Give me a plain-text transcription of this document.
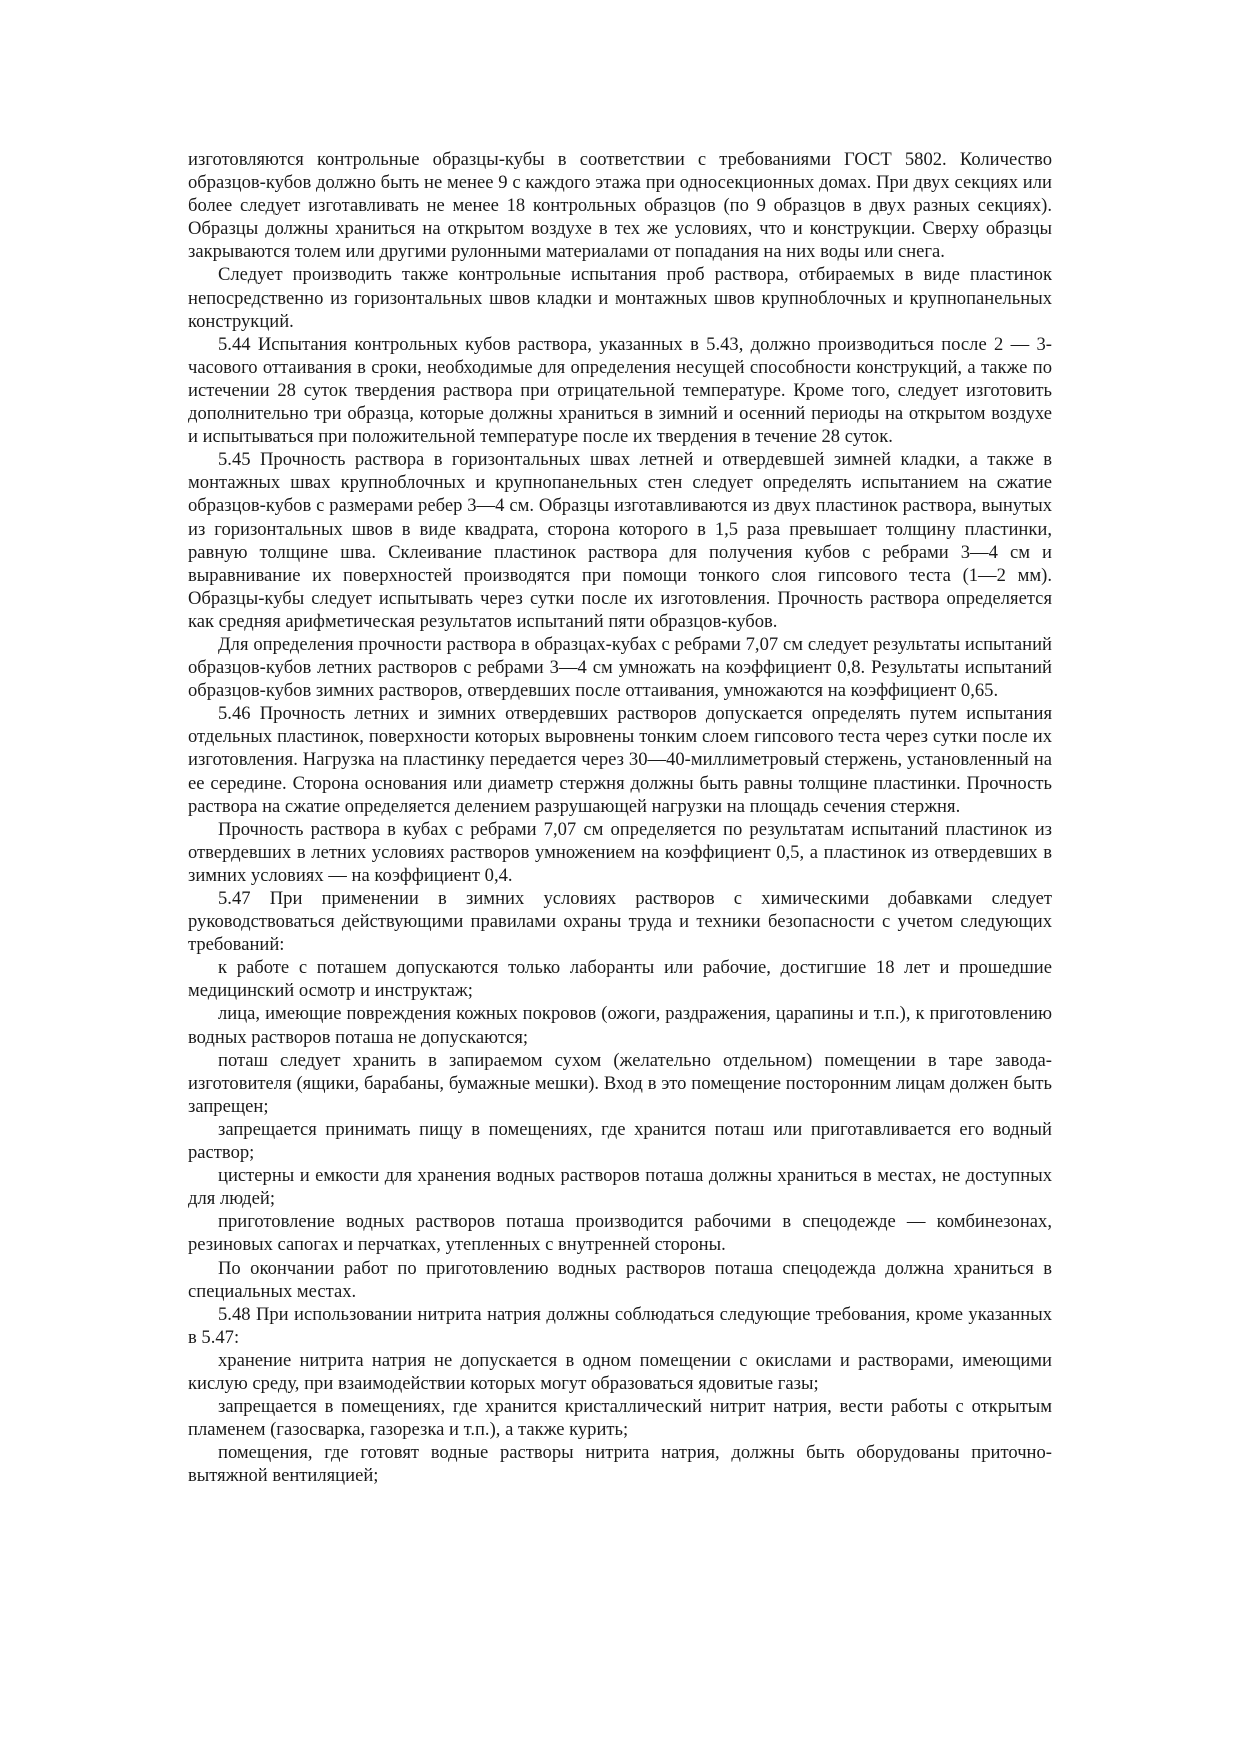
изготовляются контрольные образцы-кубы в соответствии с требованиями ГОСТ 5802. Количество образцов-кубов должно быть не менее 9 с каждого этажа при односекционных домах. При двух секциях или более следует изготавливать не менее 18 контрольных образцов (по 9 образцов в двух разных секциях). Образцы должны храниться на открытом воздухе в тех же условиях, что и конструкции. Сверху образцы закрываются толем или другими рулонными материалами от попадания на них воды или снега.

Следует производить также контрольные испытания проб раствора, отбираемых в виде пластинок непосредственно из горизонтальных швов кладки и монтажных швов крупноблочных и крупнопанельных конструкций.

5.44 Испытания контрольных кубов раствора, указанных в 5.43, должно производиться после 2 — 3-часового оттаивания в сроки, необходимые для определения несущей способности конструкций, а также по истечении 28 суток твердения раствора при отрицательной температуре. Кроме того, следует изготовить дополнительно три образца, которые должны храниться в зимний и осенний периоды на открытом воздухе и испытываться при положительной температуре после их твердения в течение 28 суток.

5.45 Прочность раствора в горизонтальных швах летней и отвердевшей зимней кладки, а также в монтажных швах крупноблочных и крупнопанельных стен следует определять испытанием на сжатие образцов-кубов с размерами ребер 3—4 см. Образцы изготавливаются из двух пластинок раствора, вынутых из горизонтальных швов в виде квадрата, сторона которого в 1,5 раза превышает толщину пластинки, равную толщине шва. Склеивание пластинок раствора для получения кубов с ребрами 3—4 см и выравнивание их поверхностей производятся при помощи тонкого слоя гипсового теста (1—2 мм). Образцы-кубы следует испытывать через сутки после их изготовления. Прочность раствора определяется как средняя арифметическая результатов испытаний пяти образцов-кубов.

Для определения прочности раствора в образцах-кубах с ребрами 7,07 см следует результаты испытаний образцов-кубов летних растворов с ребрами 3—4 см умножать на коэффициент 0,8. Результаты испытаний образцов-кубов зимних растворов, отвердевших после оттаивания, умножаются на коэффициент 0,65.

5.46 Прочность летних и зимних отвердевших растворов допускается определять путем испытания отдельных пластинок, поверхности которых выровнены тонким слоем гипсового теста через сутки после их изготовления. Нагрузка на пластинку передается через 30—40-миллиметровый стержень, установленный на ее середине. Сторона основания или диаметр стержня должны быть равны толщине пластинки. Прочность раствора на сжатие определяется делением разрушающей нагрузки на площадь сечения стержня.

Прочность раствора в кубах с ребрами 7,07 см определяется по результатам испытаний пластинок из отвердевших в летних условиях растворов умножением на коэффициент 0,5, а пластинок из отвердевших в зимних условиях — на коэффициент 0,4.

5.47 При применении в зимних условиях растворов с химическими добавками следует руководствоваться действующими правилами охраны труда и техники безопасности с учетом следующих требований:

к работе с поташем допускаются только лаборанты или рабочие, достигшие 18 лет и прошедшие медицинский осмотр и инструктаж;

лица, имеющие повреждения кожных покровов (ожоги, раздражения, царапины и т.п.), к приготовлению водных растворов поташа не допускаются;

поташ следует хранить в запираемом сухом (желательно отдельном) помещении в таре завода-изготовителя (ящики, барабаны, бумажные мешки). Вход в это помещение посторонним лицам должен быть запрещен;

запрещается принимать пищу в помещениях, где хранится поташ или приготавливается его водный раствор;

цистерны и емкости для хранения водных растворов поташа должны храниться в местах, не доступных для людей;

приготовление водных растворов поташа производится рабочими в спецодежде — комбинезонах, резиновых сапогах и перчатках, утепленных с внутренней стороны.

По окончании работ по приготовлению водных растворов поташа спецодежда должна храниться в специальных местах.

5.48 При использовании нитрита натрия должны соблюдаться следующие требования, кроме указанных в 5.47:

хранение нитрита натрия не допускается в одном помещении с окислами и растворами, имеющими кислую среду, при взаимодействии которых могут образоваться ядовитые газы;

запрещается в помещениях, где хранится кристаллический нитрит натрия, вести работы с открытым пламенем (газосварка, газорезка и т.п.), а также курить;

помещения, где готовят водные растворы нитрита натрия, должны быть оборудованы приточно-вытяжной вентиляцией;
